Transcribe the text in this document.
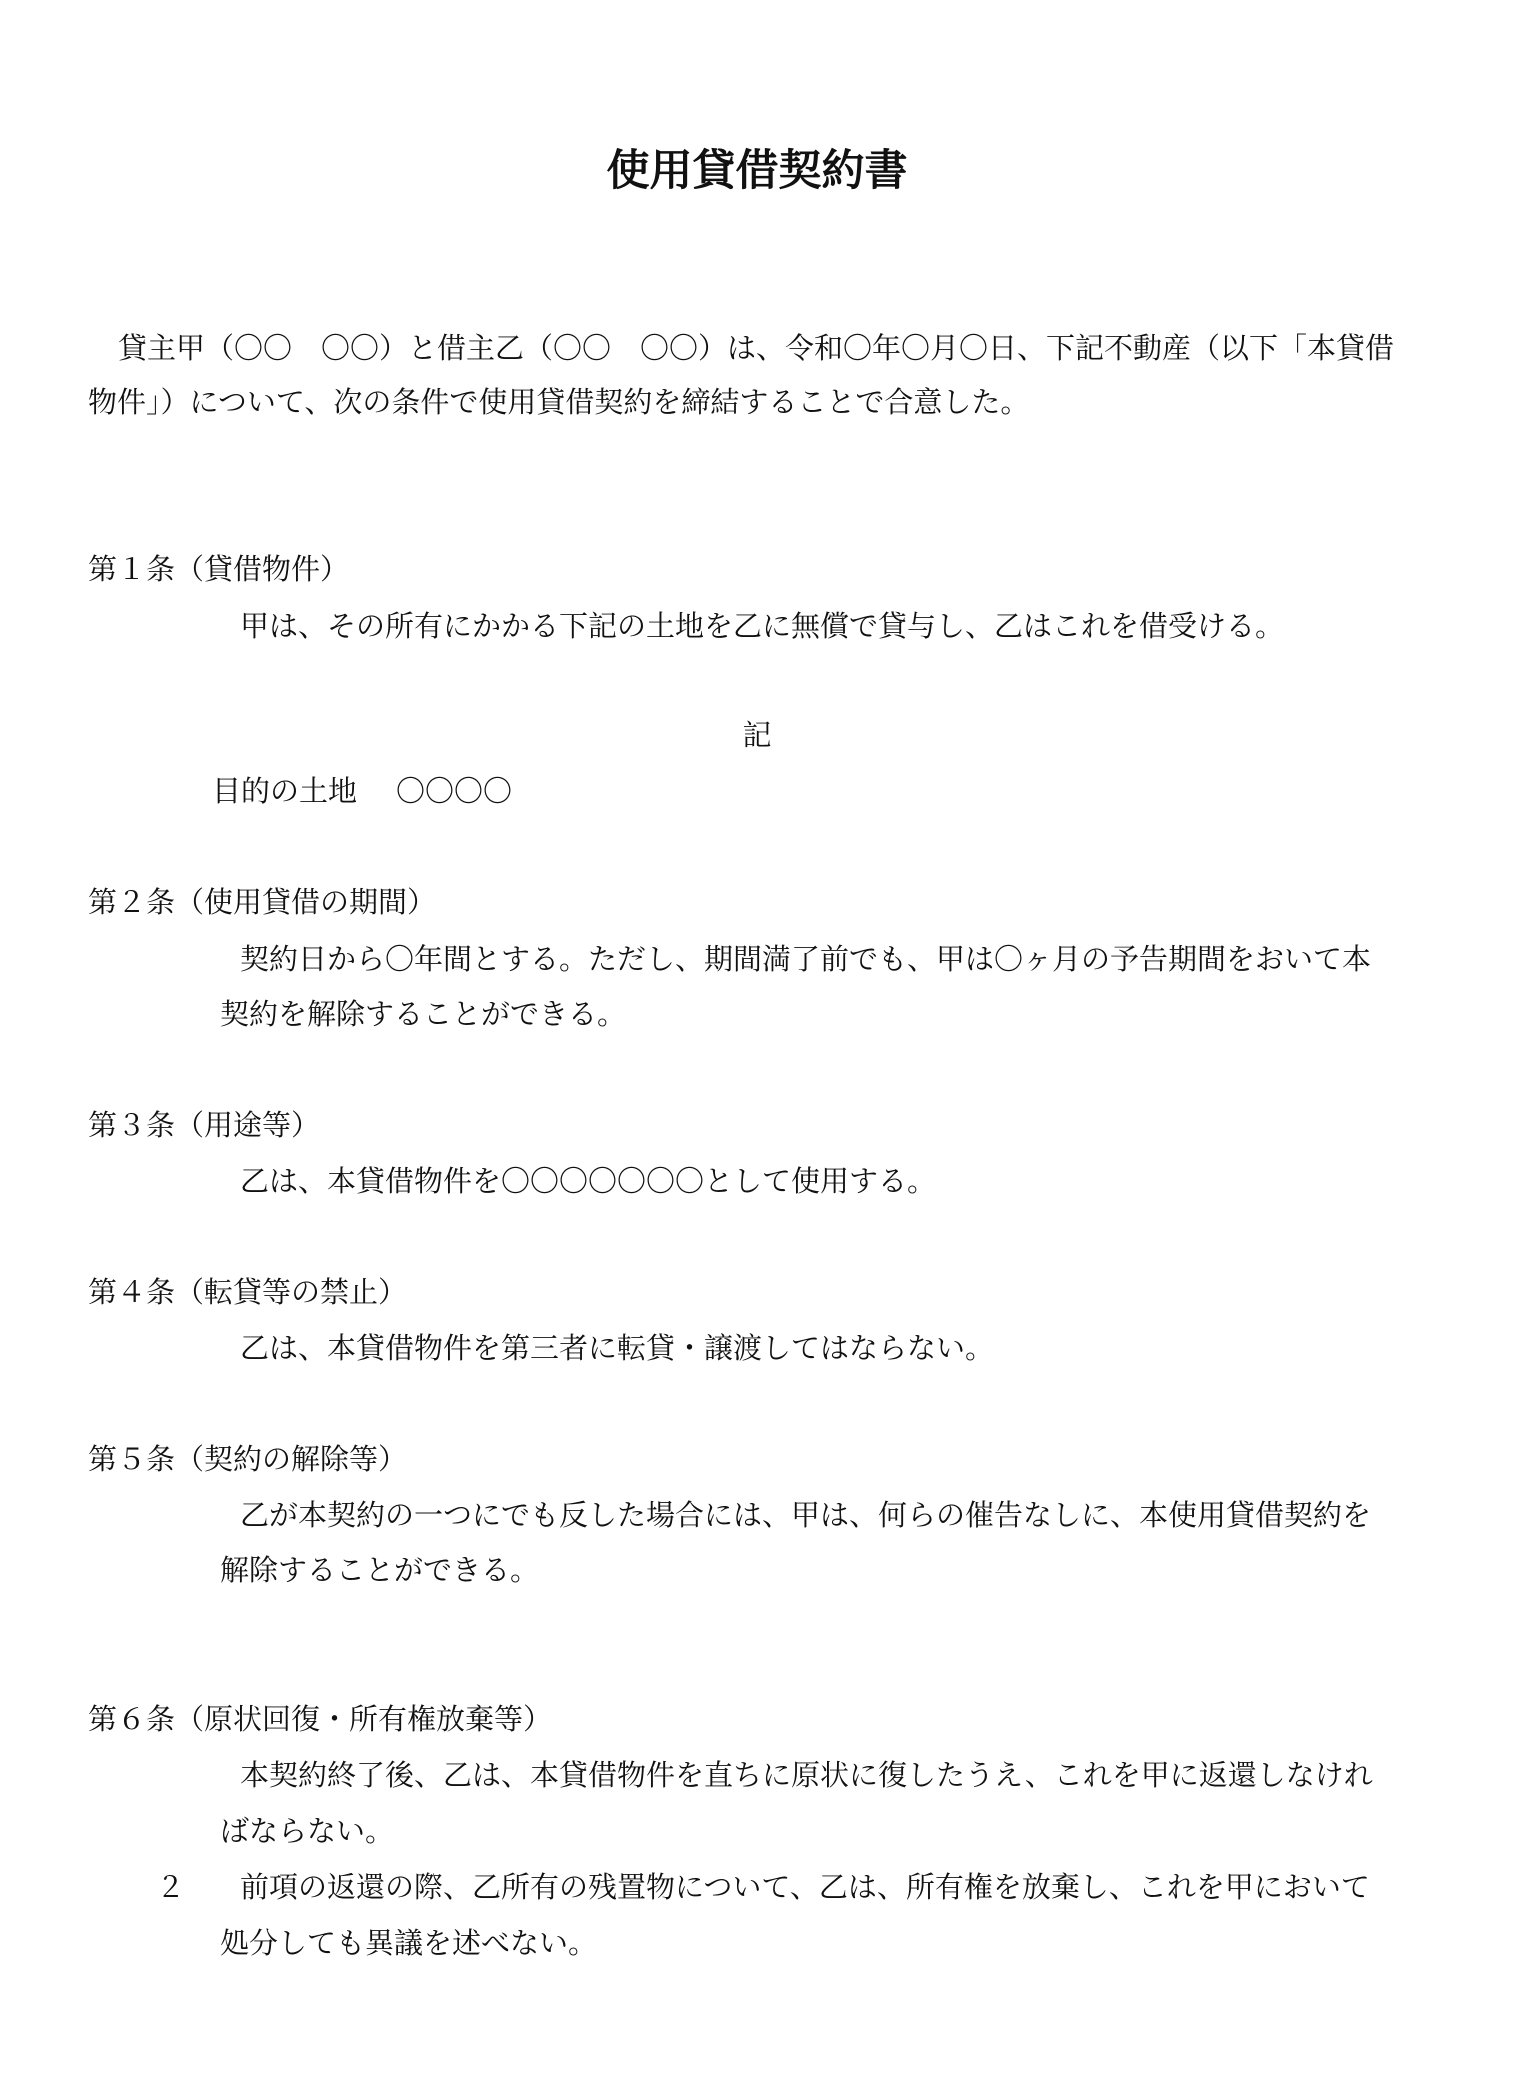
使用貸借契約書
貸主甲（〇〇　〇〇）と借主乙（〇〇　〇〇）は、令和〇年〇月〇日、下記不動産（以下「本貸借
物件」）について、次の条件で使用貸借契約を締結することで合意した。
第１条（貸借物件）
甲は、その所有にかかる下記の土地を乙に無償で貸与し、乙はこれを借受ける。
記
目的の土地 〇〇〇〇
第２条（使用貸借の期間）
契約日から〇年間とする。ただし、期間満了前でも、甲は〇ヶ月の予告期間をおいて本
契約を解除することができる。
第３条（用途等）
乙は、本貸借物件を〇〇〇〇〇〇〇として使用する。
第４条（転貸等の禁止）
乙は、本貸借物件を第三者に転貸・譲渡してはならない。
第５条（契約の解除等）
乙が本契約の一つにでも反した場合には、甲は、何らの催告なしに、本使用貸借契約を
解除することができる。
第６条（原状回復・所有権放棄等）
本契約終了後、乙は、本貸借物件を直ちに原状に復したうえ、これを甲に返還しなけれ
ばならない。
２ 前項の返還の際、乙所有の残置物について、乙は、所有権を放棄し、これを甲において
処分しても異議を述べない。
